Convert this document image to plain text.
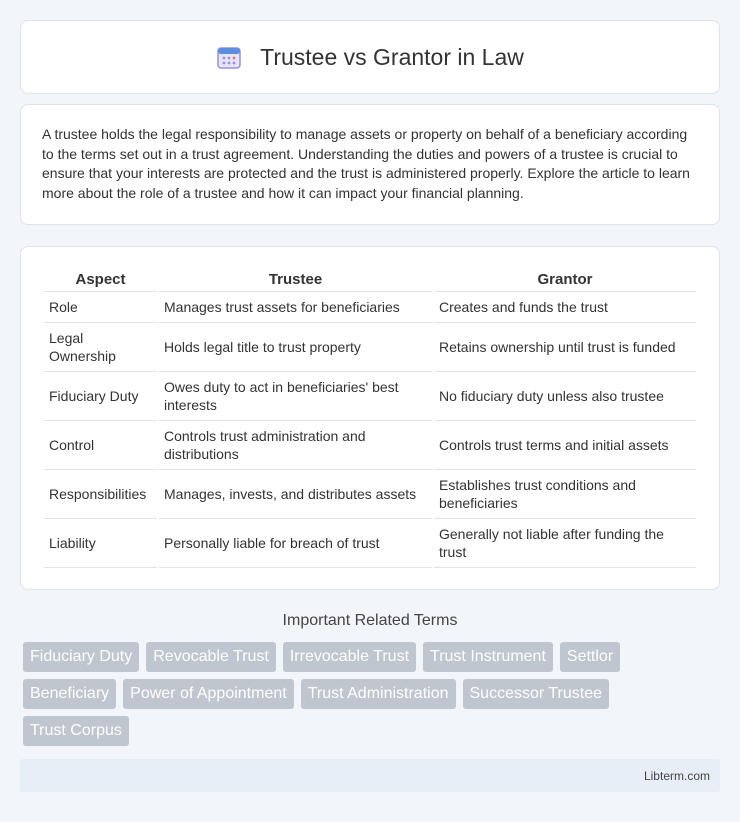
Trustee vs Grantor in Law

A trustee holds the legal responsibility to manage assets or property on behalf of a beneficiary according to the terms set out in a trust agreement. Understanding the duties and powers of a trustee is crucial to ensure that your interests are protected and the trust is administered properly. Explore the article to learn more about the role of a trustee and how it can impact your financial planning.

Aspect	Trustee	Grantor
Role	Manages trust assets for beneficiaries	Creates and funds the trust
Legal Ownership	Holds legal title to trust property	Retains ownership until trust is funded
Fiduciary Duty	Owes duty to act in beneficiaries' best interests	No fiduciary duty unless also trustee
Control	Controls trust administration and distributions	Controls trust terms and initial assets
Responsibilities	Manages, invests, and distributes assets	Establishes trust conditions and beneficiaries
Liability	Personally liable for breach of trust	Generally not liable after funding the trust
Important Related Terms
Fiduciary Duty	Revocable Trust	Irrevocable Trust	Trust Instrument	Settlor
Beneficiary	Power of Appointment	Trust Administration	Successor Trustee
Trust Corpus
Libterm.com
